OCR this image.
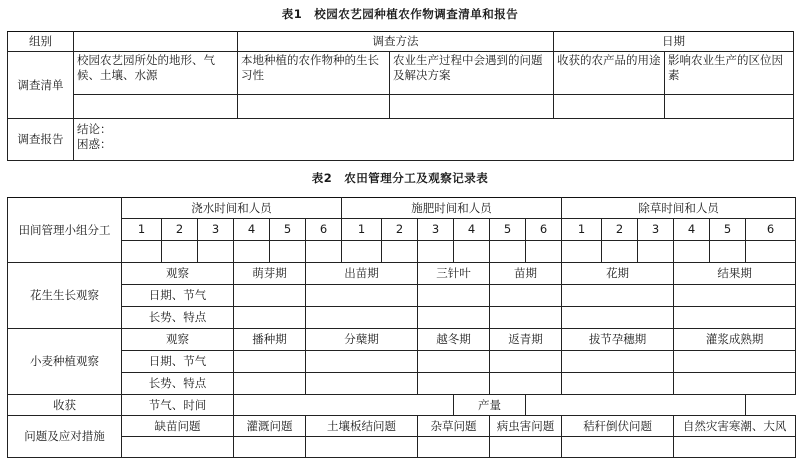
表1　校园农艺园种植农作物调查清单和报告
组别		调查方法		日期	
调查清单	校园农艺园所处的地形、气候、土壤、水源	本地种植的农作物种的生长习性	农业生产过程中会遇到的问题及解决方案	收获的农产品的用途	影响农业生产的区位因素

调查报告	结论：
困惑：				
表2　农田管理分工及观察记录表
田间管理小组分工	浇水时间和人员						施肥时间和人员						除草时间和人员					
	1	2	3	4	5	6	1	2	3	4	5	6	1	2	3	4	5	6

花生生长观察	观察			萌芽期		出苗期			三针叶		苗期		花期			结果期		
	日期、节气																	
	长势、特点																	
小麦种植观察	观察			播种期		分蘖期			越冬期		返青期		拔节孕穗期			灌浆成熟期		
	日期、节气																	
	长势、特点																	
收获	节气、时间									产量								
问题及应对措施	缺苗问题			灌溉问题		土壤板结问题			杂草问题		病虫害问题		秸秆倒伏问题			自然灾害寒潮、大风		
